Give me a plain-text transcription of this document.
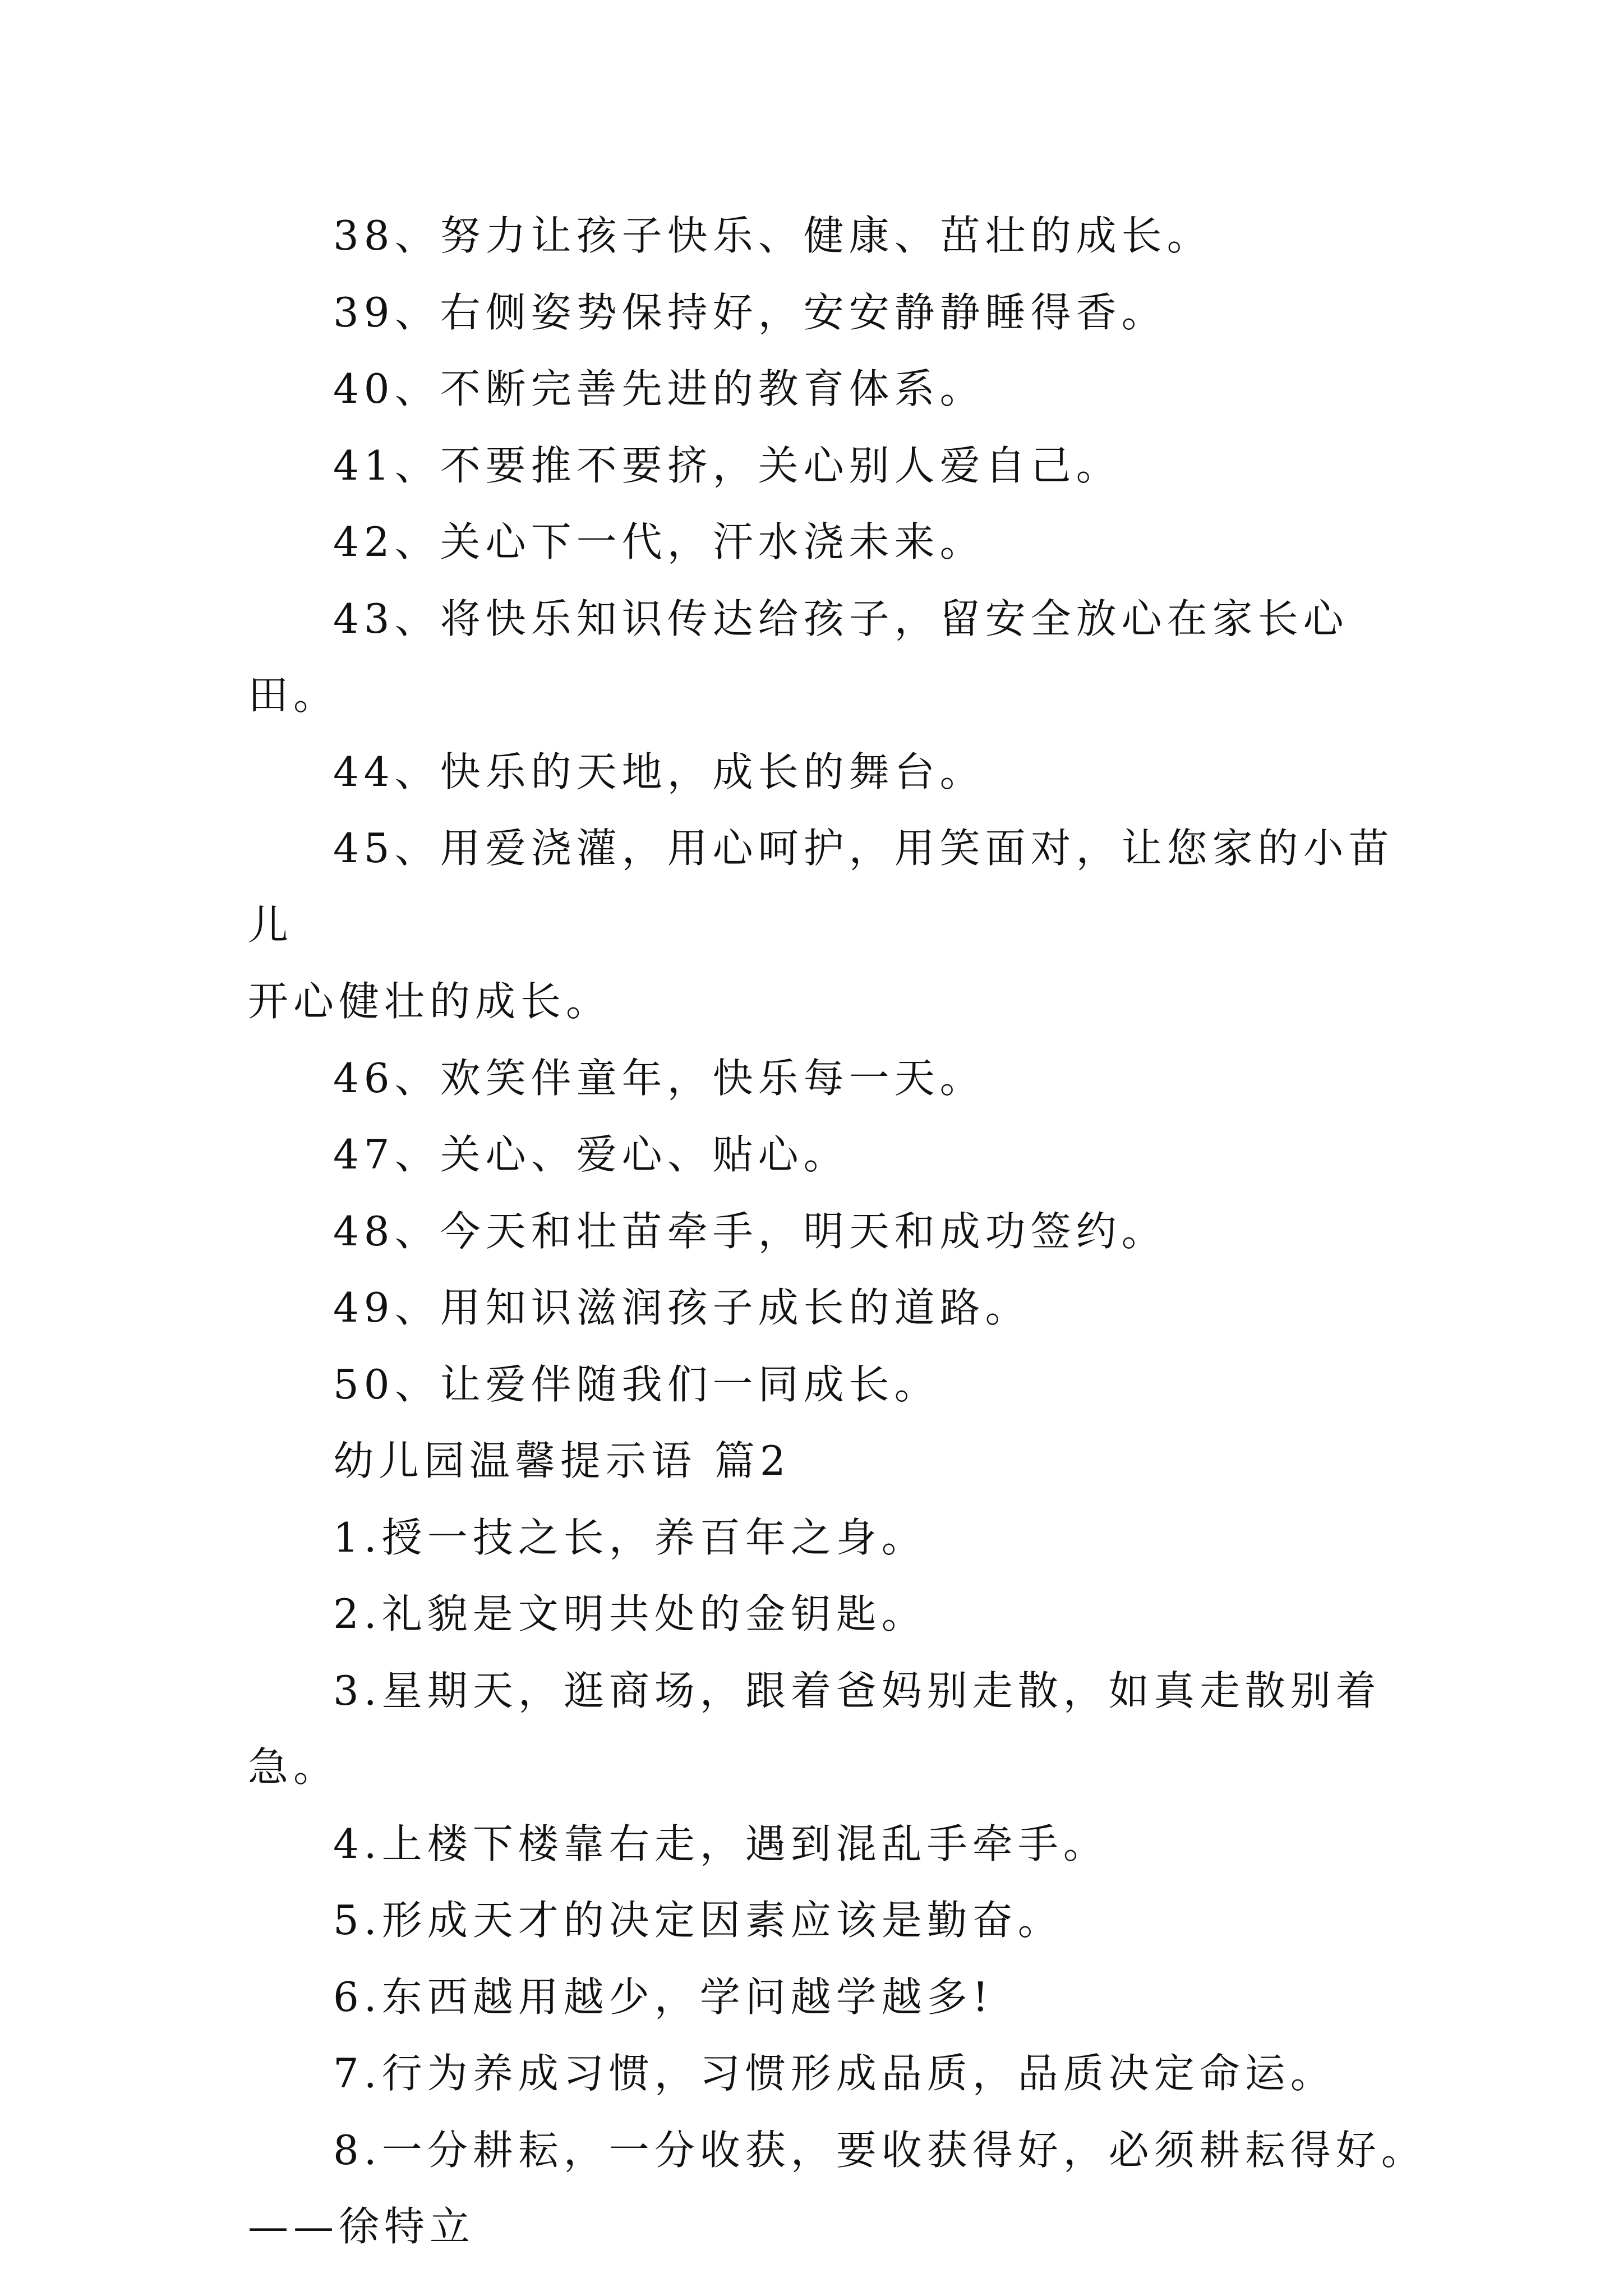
38、努力让孩子快乐、健康、茁壮的成长。

39、右侧姿势保持好，安安静静睡得香。

40、不断完善先进的教育体系。

41、不要推不要挤，关心别人爱自己。

42、关心下一代，汗水浇未来。

43、将快乐知识传达给孩子，留安全放心在家长心田。

44、快乐的天地，成长的舞台。

45、用爱浇灌，用心呵护，用笑面对，让您家的小苗儿
开心健壮的成长。

46、欢笑伴童年，快乐每一天。

47、关心、爱心、贴心。

48、今天和壮苗牵手，明天和成功签约。

49、用知识滋润孩子成长的道路。

50、让爱伴随我们一同成长。

幼儿园温馨提示语 篇2

1.授一技之长，养百年之身。

2.礼貌是文明共处的金钥匙。

3.星期天，逛商场，跟着爸妈别走散，如真走散别着急。

4.上楼下楼靠右走，遇到混乱手牵手。

5.形成天才的决定因素应该是勤奋。

6.东西越用越少，学问越学越多!

7.行为养成习惯，习惯形成品质，品质决定命运。

8.一分耕耘，一分收获，要收获得好，必须耕耘得好。
——徐特立
